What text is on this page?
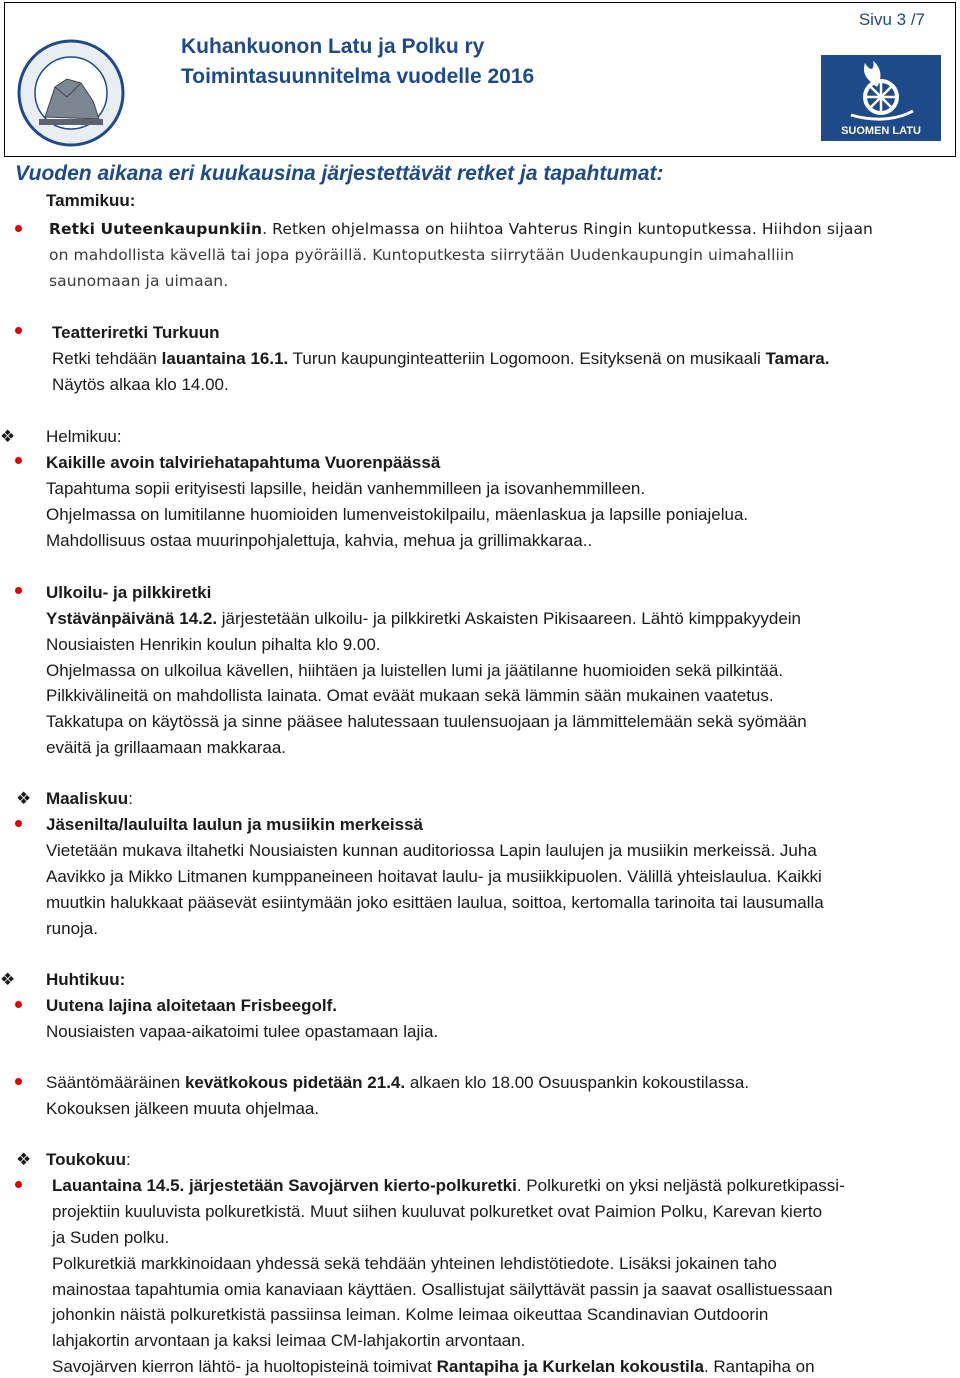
Kuhankuonon Latu ja Polku ry
Toimintasuunnitelma vuodelle 2016
Sivu 3 /7
SUOMEN LATU
Vuoden aikana eri kuukausina järjestettävät retket ja tapahtumat:
Tammikuu:
Retki Uuteenkaupunkiin. Retken ohjelmassa on hiihtoa Vahterus Ringin kuntoputkessa. Hiihdon sijaan
on mahdollista kävellä tai jopa pyöräillä. Kuntoputkesta siirrytään Uudenkaupungin uimahalliin
saunomaan ja uimaan.
Teatteriretki Turkuun
Retki tehdään lauantaina 16.1. Turun kaupunginteatteriin Logomoon. Esityksenä on musikaali Tamara.
Näytös alkaa klo 14.00.
❖ Helmikuu:
Kaikille avoin talviriehatapahtuma Vuorenpäässä
Tapahtuma sopii erityisesti lapsille, heidän vanhemmilleen ja isovanhemmilleen.
Ohjelmassa on lumitilanne huomioiden lumenveistokilpailu, mäenlaskua ja lapsille poniajelua.
Mahdollisuus ostaa muurinpohjalettuja, kahvia, mehua ja grillimakkaraa..
Ulkoilu- ja pilkkiretki
Ystävänpäivänä 14.2. järjestetään ulkoilu- ja pilkkiretki Askaisten Pikisaareen. Lähtö kimppakyydein
Nousiaisten Henrikin koulun pihalta klo 9.00.
Ohjelmassa on ulkoilua kävellen, hiihtäen ja luistellen lumi ja jäätilanne huomioiden sekä pilkintää.
Pilkkivälineitä on mahdollista lainata. Omat eväät mukaan sekä lämmin sään mukainen vaatetus.
Takkatupa on käytössä ja sinne pääsee halutessaan tuulensuojaan ja lämmittelemään sekä syömään
eväitä ja grillaamaan makkaraa.
❖ Maaliskuu:
Jäsenilta/lauluilta laulun ja musiikin merkeissä
Vietetään mukava iltahetki Nousiaisten kunnan auditoriossa Lapin laulujen ja musiikin merkeissä. Juha
Aavikko ja Mikko Litmanen kumppaneineen hoitavat laulu- ja musiikkipuolen. Välillä yhteislaulua. Kaikki
muutkin halukkaat pääsevät esiintymään joko esittäen laulua, soittoa, kertomalla tarinoita tai lausumalla
runoja.
❖ Huhtikuu:
Uutena lajina aloitetaan Frisbeegolf.
Nousiaisten vapaa-aikatoimi tulee opastamaan lajia.
Sääntömääräinen kevätkokous pidetään 21.4. alkaen klo 18.00 Osuuspankin kokoustilassa.
Kokouksen jälkeen muuta ohjelmaa.
❖ Toukokuu:
Lauantaina 14.5. järjestetään Savojärven kierto-polkuretki. Polkuretki on yksi neljästä polkuretkipassi-
projektiin kuuluvista polkuretkistä. Muut siihen kuuluvat polkuretket ovat Paimion Polku, Karevan kierto
ja Suden polku.
Polkuretkiä markkinoidaan yhdessä sekä tehdään yhteinen lehdistötiedote. Lisäksi jokainen taho
mainostaa tapahtumia omia kanaviaan käyttäen. Osallistujat säilyttävät passin ja saavat osallistuessaan
johonkin näistä polkuretkistä passiinsa leiman. Kolme leimaa oikeuttaa Scandinavian Outdoorin
lahjakortin arvontaan ja kaksi leimaa CM-lahjakortin arvontaan.
Savojärven kierron lähtö- ja huoltopisteinä toimivat Rantapiha ja Kurkelan kokoustila. Rantapiha on
